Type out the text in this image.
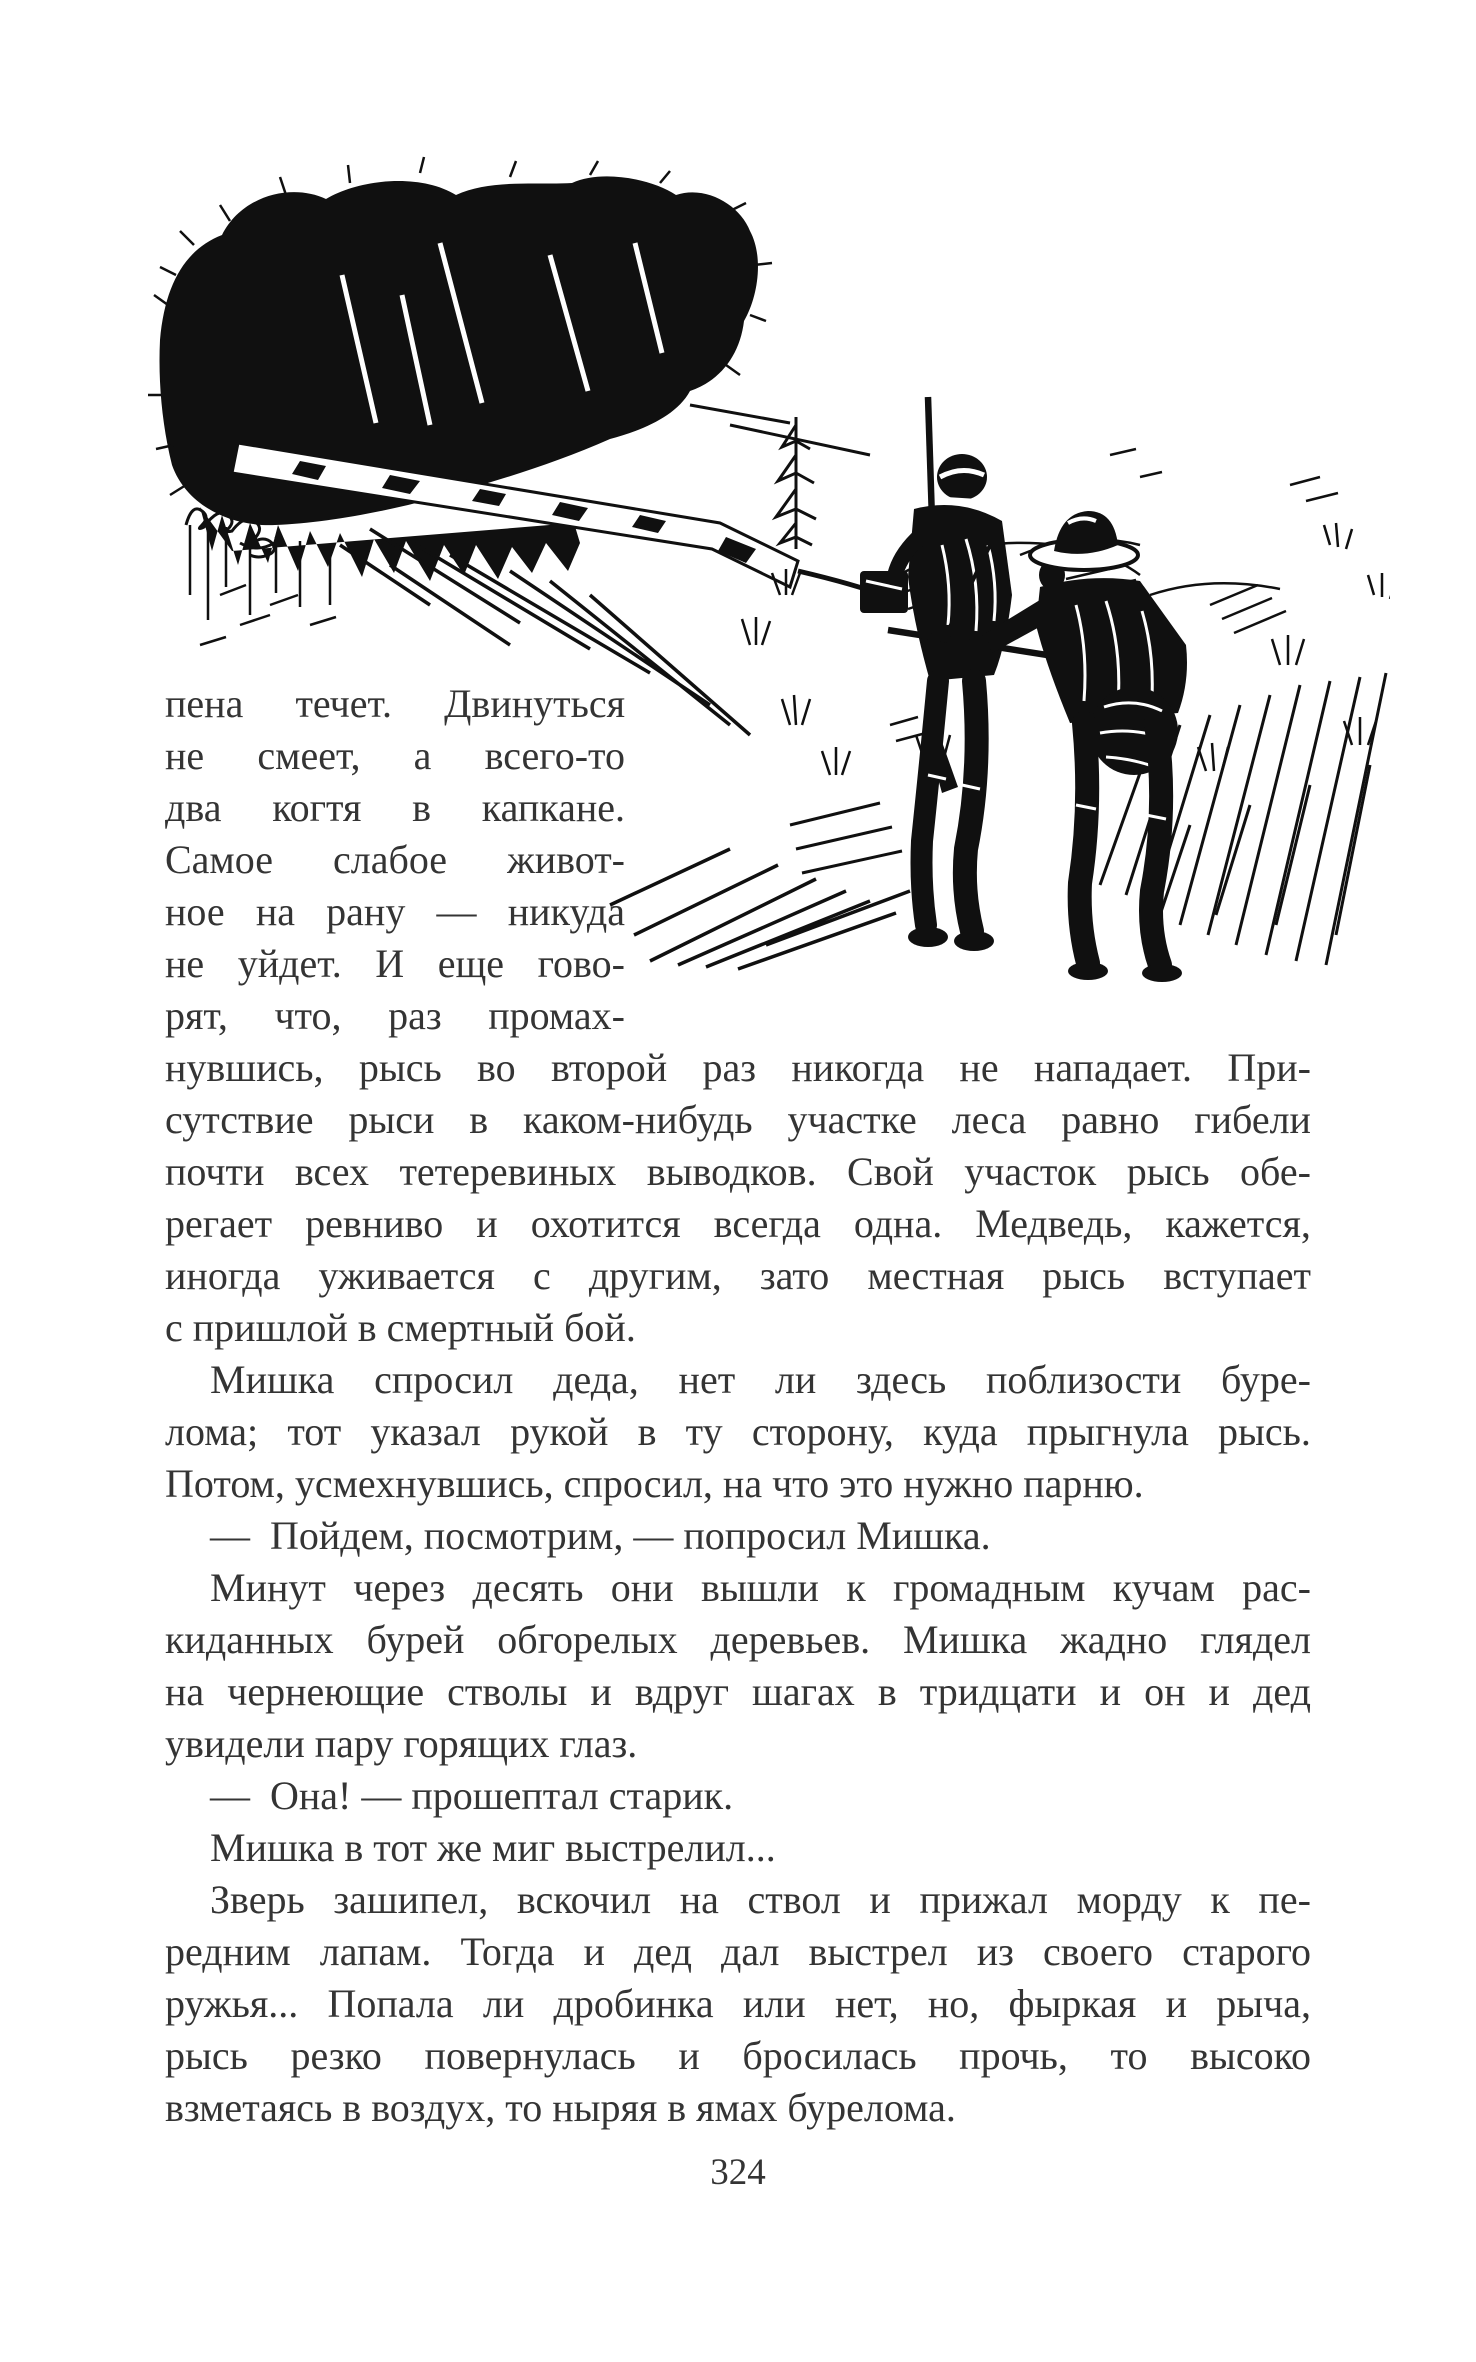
пена течет. Двинуться
не смеет, а всего-то
два когтя в капкане.
Самое слабое живот-
ное на рану — никуда
не уйдет. И еще гово-
рят, что, раз промах-
нувшись, рысь во второй раз никогда не нападает. При-
сутствие рыси в каком-нибудь участке леса равно гибели
почти всех тетеревиных выводков. Свой участок рысь обе-
регает ревниво и охотится всегда одна. Медведь, кажется,
иногда уживается с другим, зато местная рысь вступает
с пришлой в смертный бой.
Мишка спросил деда, нет ли здесь поблизости буре-
лома; тот указал рукой в ту сторону, куда прыгнула рысь.
Потом, усмехнувшись, спросил, на что это нужно парню.
— Пойдем, посмотрим, — попросил Мишка.
Минут через десять они вышли к громадным кучам рас-
киданных бурей обгорелых деревьев. Мишка жадно глядел
на чернеющие стволы и вдруг шагах в тридцати и он и дед
увидели пару горящих глаз.
— Она! — прошептал старик.
Мишка в тот же миг выстрелил...
Зверь зашипел, вскочил на ствол и прижал морду к пе-
редним лапам. Тогда и дед дал выстрел из своего старого
ружья... Попала ли дробинка или нет, но, фыркая и рыча,
рысь резко повернулась и бросилась прочь, то высоко
взметаясь в воздух, то ныряя в ямах бурелома.
324
